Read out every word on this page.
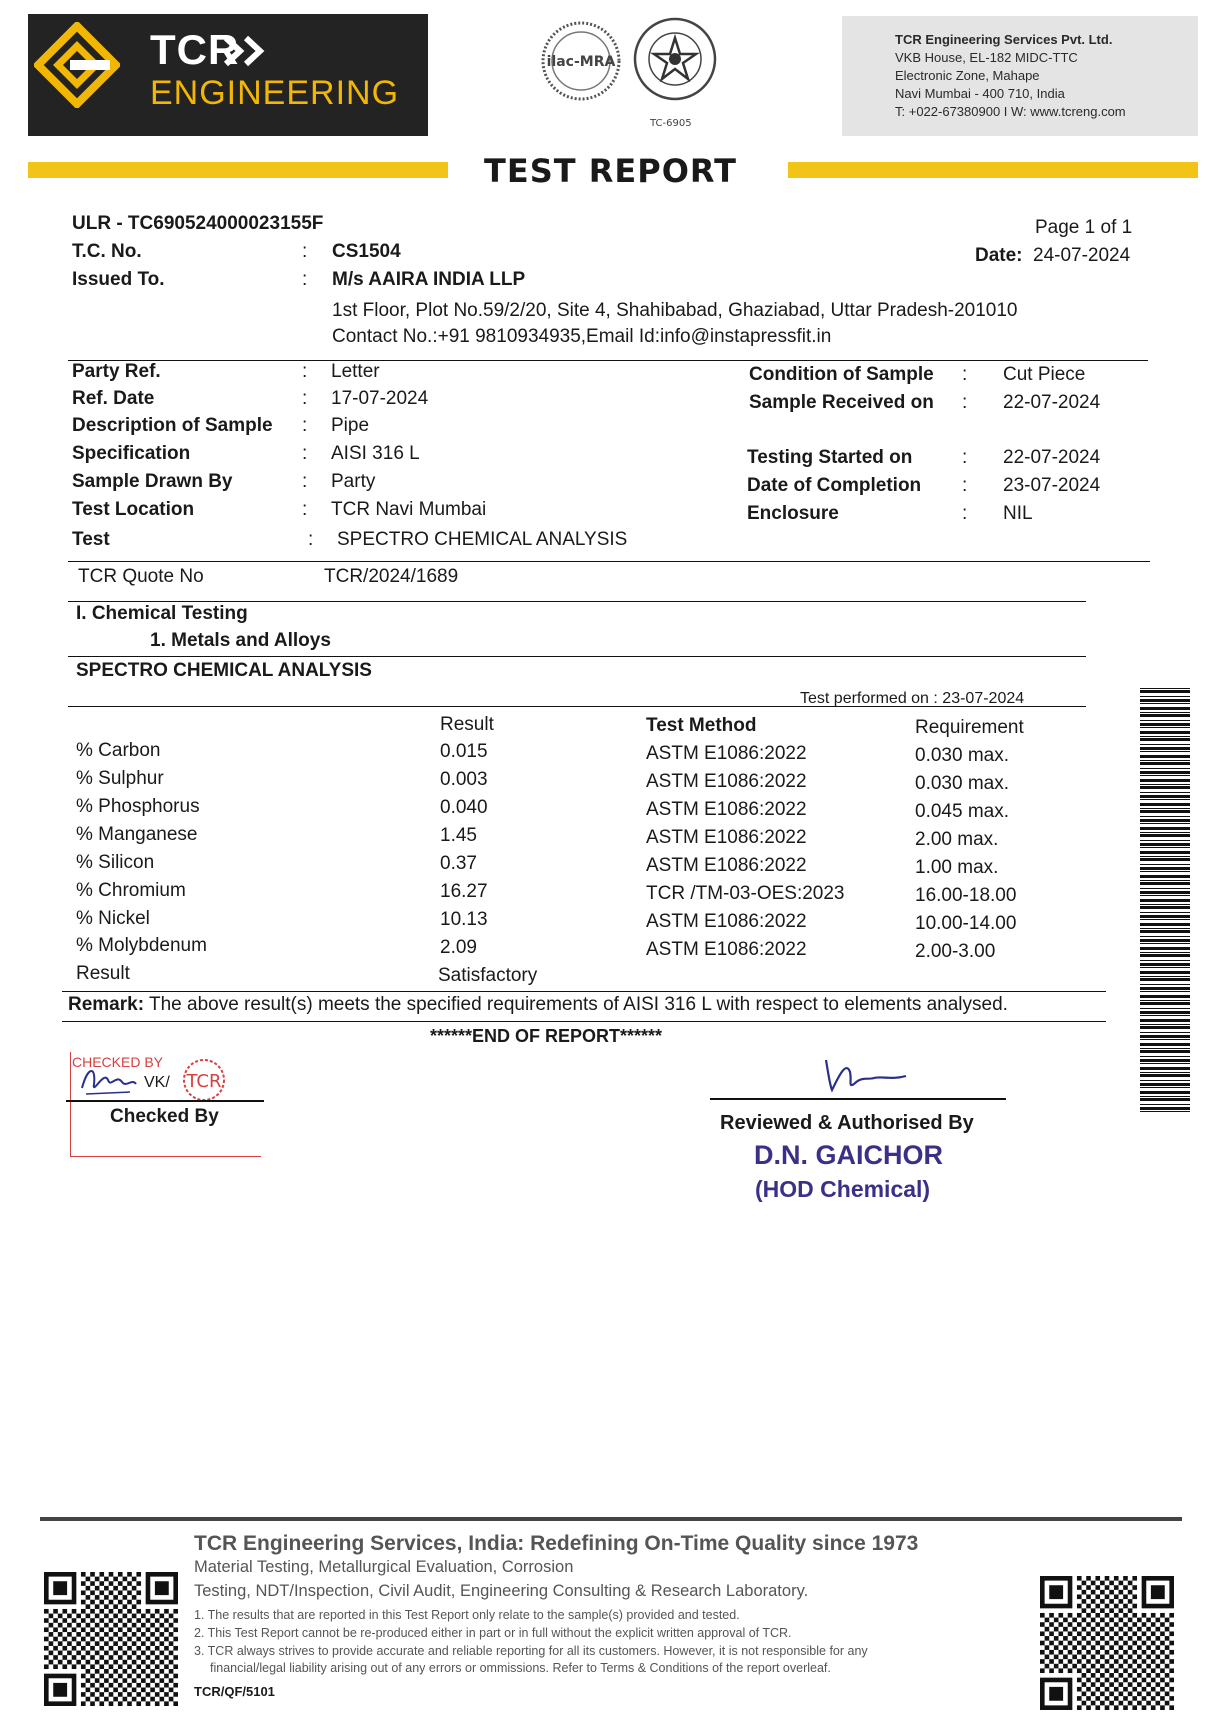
TCR
ENGINEERING
ilac-MRA
TC-6905
TCR Engineering Services Pvt. Ltd.
VKB House, EL-182 MIDC-TTC
Electronic Zone, Mahape
Navi Mumbai - 400 710, India
T: +022-67380900 I W: www.tcreng.com
TEST REPORT
ULR - TC690524000023155F
T.C. No.	: CS1504
Issued To.	: M/s AAIRA INDIA LLP
1st Floor, Plot No.59/2/20, Site 4, Shahibabad, Ghaziabad, Uttar Pradesh-201010
Contact No.:+91 9810934935,Email Id:info@instapressfit.in
Page 1 of 1
Date: 24-07-2024
Party Ref.	: Letter
Ref. Date	: 17-07-2024
Description of Sample : Pipe
Specification	: AISI 316 L
Sample Drawn By	: Party
Test Location	: TCR Navi Mumbai
Test	: SPECTRO CHEMICAL ANALYSIS
Condition of Sample : Cut Piece
Sample Received on : 22-07-2024
Testing Started on	: 22-07-2024
Date of Completion : 23-07-2024
Enclosure	: NIL
TCR Quote No	TCR/2024/1689
I. Chemical Testing
1. Metals and Alloys
SPECTRO CHEMICAL ANALYSIS
Test performed on : 23-07-2024
Result	Test Method	Requirement
% Carbon	0.015	ASTM E1086:2022	0.030 max.
% Sulphur	0.003	ASTM E1086:2022	0.030 max.
% Phosphorus	0.040	ASTM E1086:2022	0.045 max.
% Manganese	1.45	ASTM E1086:2022	2.00 max.
% Silicon	0.37	ASTM E1086:2022	1.00 max.
% Chromium	16.27	TCR /TM-03-OES:2023	16.00-18.00
% Nickel	10.13	ASTM E1086:2022	10.00-14.00
% Molybdenum	2.09	ASTM E1086:2022	2.00-3.00
Result	Satisfactory
Remark: The above result(s) meets the specified requirements of AISI 316 L with respect to elements analysed.
******END OF REPORT******
CHECKED BY
TCR
VK/
Checked By	Reviewed & Authorised By
D.N. GAICHOR
(HOD Chemical)
TCR Engineering Services, India: Redefining On-Time Quality since 1973
Material Testing, Metallurgical Evaluation, Corrosion
Testing, NDT/Inspection, Civil Audit, Engineering Consulting & Research Laboratory.
1. The results that are reported in this Test Report only relate to the sample(s) provided and tested.
2. This Test Report cannot be re-produced either in part or in full without the explicit written approval of TCR.
3. TCR always strives to provide accurate and reliable reporting for all its customers. However, it is not responsible for any
financial/legal liability arising out of any errors or ommissions. Refer to Terms & Conditions of the report overleaf.
TCR/QF/5101
